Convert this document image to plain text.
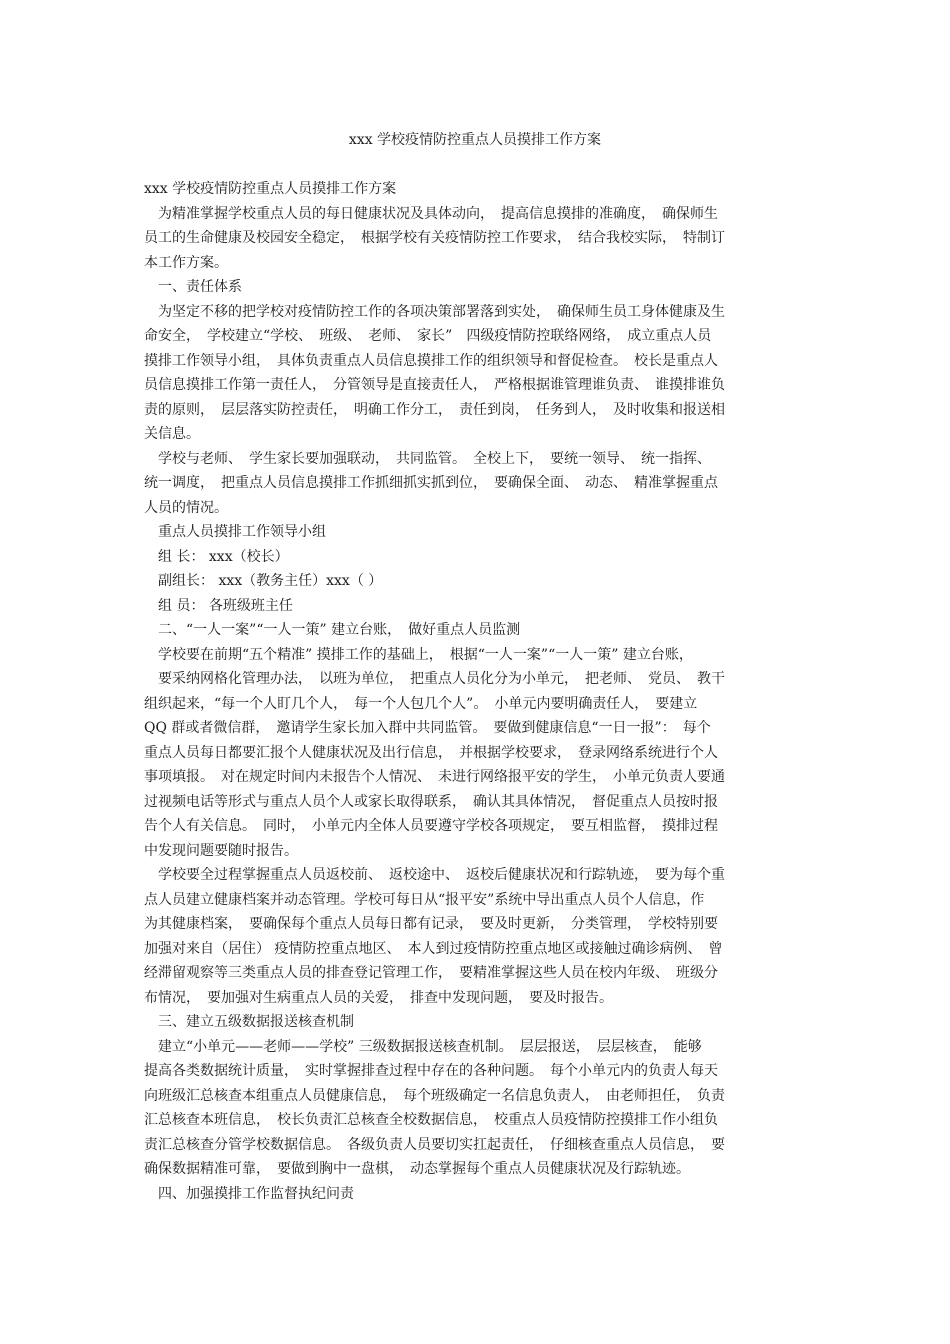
xxx 学校疫情防控重点人员摸排工作方案
xxx 学校疫情防控重点人员摸排工作方案
为精准掌握学校重点人员的每日健康状况及具体动向，　提高信息摸排的准确度，　确保师生
员工的生命健康及校园安全稳定，　根据学校有关疫情防控工作要求，　结合我校实际，　特制订
本工作方案。
一、责任体系
为坚定不移的把学校对疫情防控工作的各项决策部署落到实处，　确保师生员工身体健康及生
命安全，　学校建立“学校、　班级、　老师、　家长”　四级疫情防控联络网络，　成立重点人员
摸排工作领导小组，　具体负责重点人员信息摸排工作的组织领导和督促检查。　校长是重点人
员信息摸排工作第一责任人，　分管领导是直接责任人，　严格根据谁管理谁负责、　谁摸排谁负
责的原则，　层层落实防控责任，　明确工作分工，　责任到岗，　任务到人，　及时收集和报送相
关信息。
学校与老师、　学生家长要加强联动，　共同监管。　全校上下，　要统一领导、　统一指挥、
统一调度，　把重点人员信息摸排工作抓细抓实抓到位，　要确保全面、　动态、　精准掌握重点
人员的情况。
重点人员摸排工作领导小组
组 长： xxx（校长）
副组长： xxx（教务主任）xxx（ ）
组 员： 各班级班主任
二、“一人一案”“一人一策” 建立台账，　做好重点人员监测
学校要在前期“五个精准” 摸排工作的基础上，　根据“一人一案”“一人一策” 建立台账，
要采纳网格化管理办法，　以班为单位，　把重点人员化分为小单元，　把老师、　党员、　教干
组织起来，“每一个人盯几个人，　每一个人包几个人”。　小单元内要明确责任人，　要建立
QQ 群或者微信群，　邀请学生家长加入群中共同监管。　要做到健康信息“一日一报”：　每个
重点人员每日都要汇报个人健康状况及出行信息，　并根据学校要求，　登录网络系统进行个人
事项填报。　对在规定时间内未报告个人情况、　未进行网络报平安的学生，　小单元负责人要通
过视频电话等形式与重点人员个人或家长取得联系，　确认其具体情况，　督促重点人员按时报
告个人有关信息。　同时，　小单元内全体人员要遵守学校各项规定，　要互相监督，　摸排过程
中发现问题要随时报告。
学校要全过程掌握重点人员返校前、　返校途中、　返校后健康状况和行踪轨迹，　要为每个重
点人员建立健康档案并动态管理。学校可每日从“报平安”系统中导出重点人员个人信息，作
为其健康档案，　要确保每个重点人员每日都有记录，　要及时更新，　分类管理，　学校特别要
加强对来自（居住） 疫情防控重点地区、　本人到过疫情防控重点地区或接触过确诊病例、　曾
经滞留观察等三类重点人员的排查登记管理工作，　要精准掌握这些人员在校内年级、　班级分
布情况，　要加强对生病重点人员的关爱，　排查中发现问题，　要及时报告。
三、建立五级数据报送核查机制
建立“小单元——老师——学校” 三级数据报送核查机制。　层层报送，　层层核查，　能够
提高各类数据统计质量，　实时掌握排查过程中存在的各种问题。　每个小单元内的负责人每天
向班级汇总核查本组重点人员健康信息，　每个班级确定一名信息负责人，　由老师担任，　负责
汇总核查本班信息，　校长负责汇总核查全校数据信息，　校重点人员疫情防控摸排工作小组负
责汇总核查分管学校数据信息。　各级负责人员要切实扛起责任，　仔细核查重点人员信息，　要
确保数据精准可靠，　要做到胸中一盘棋，　动态掌握每个重点人员健康状况及行踪轨迹。
四、加强摸排工作监督执纪问责
